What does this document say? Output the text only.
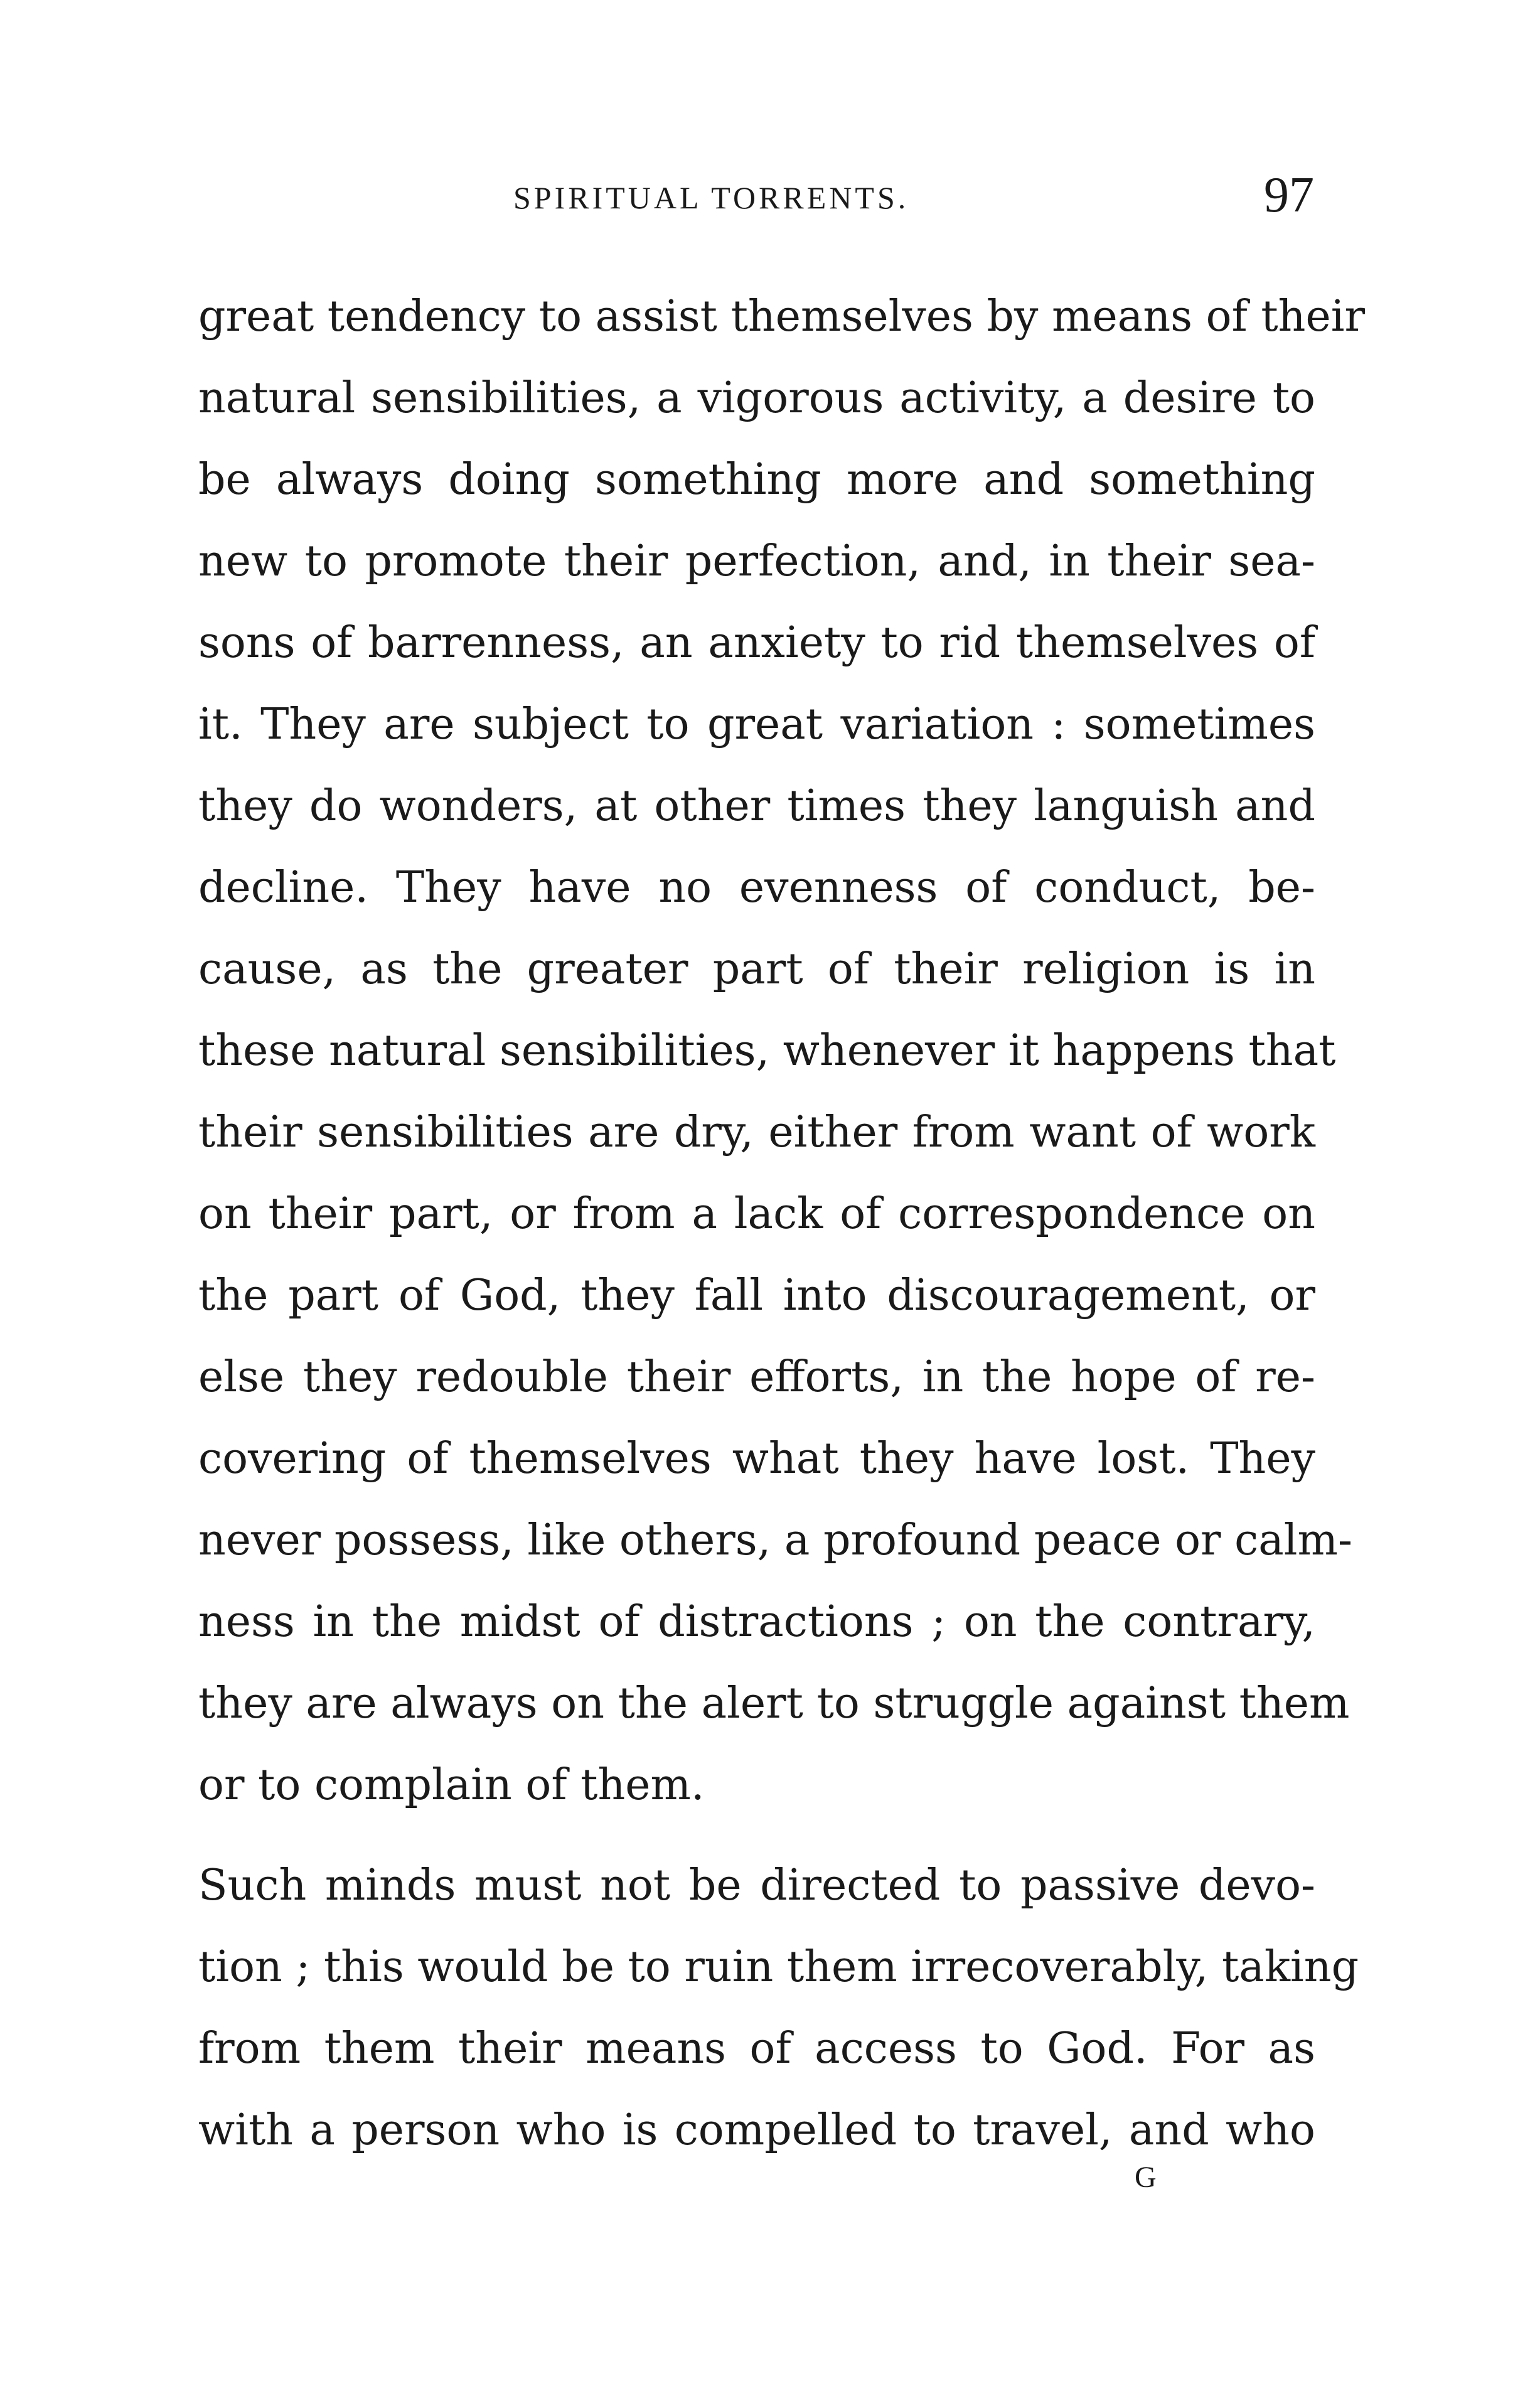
SPIRITUAL TORRENTS.	97

great tendency to assist themselves by means of their
natural sensibilities, a vigorous activity, a desire to
be always doing something more and something
new to promote their perfection, and, in their sea-
sons of barrenness, an anxiety to rid themselves of
it. They are subject to great variation : sometimes
they do wonders, at other times they languish and
decline. They have no evenness of conduct, be-
cause, as the greater part of their religion is in
these natural sensibilities, whenever it happens that
their sensibilities are dry, either from want of work
on their part, or from a lack of correspondence on
the part of God, they fall into discouragement, or
else they redouble their efforts, in the hope of re-
covering of themselves what they have lost. They
never possess, like others, a profound peace or calm-
ness in the midst of distractions ; on the contrary,
they are always on the alert to struggle against them
or to complain of them.

Such minds must not be directed to passive devo-
tion ; this would be to ruin them irrecoverably, taking
from them their means of access to God. For as
with a person who is compelled to travel, and who

G
